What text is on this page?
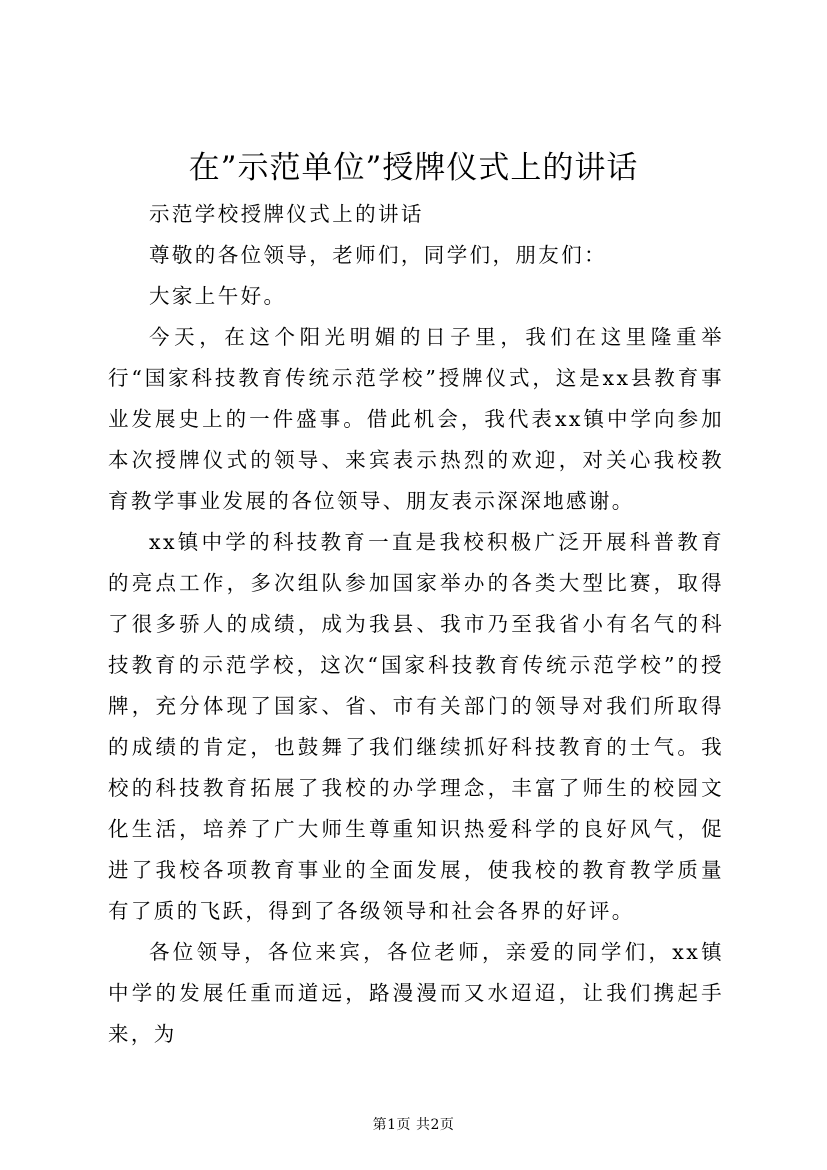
在”示范单位”授牌仪式上的讲话

示范学校授牌仪式上的讲话

尊敬的各位领导，老师们，同学们，朋友们：

大家上午好。

今天，在这个阳光明媚的日子里，我们在这里隆重举行“国家科技教育传统示范学校”授牌仪式，这是xx县教育事业发展史上的一件盛事。借此机会，我代表xx镇中学向参加本次授牌仪式的领导、来宾表示热烈的欢迎，对关心我校教育教学事业发展的各位领导、朋友表示深深地感谢。

xx镇中学的科技教育一直是我校积极广泛开展科普教育的亮点工作，多次组队参加国家举办的各类大型比赛，取得了很多骄人的成绩，成为我县、我市乃至我省小有名气的科技教育的示范学校，这次“国家科技教育传统示范学校”的授牌，充分体现了国家、省、市有关部门的领导对我们所取得的成绩的肯定，也鼓舞了我们继续抓好科技教育的士气。我校的科技教育拓展了我校的办学理念，丰富了师生的校园文化生活，培养了广大师生尊重知识热爱科学的良好风气，促进了我校各项教育事业的全面发展，使我校的教育教学质量有了质的飞跃，得到了各级领导和社会各界的好评。

各位领导，各位来宾，各位老师，亲爱的同学们，xx镇中学的发展任重而道远，路漫漫而又水迢迢，让我们携起手来，为

第1页 共2页
